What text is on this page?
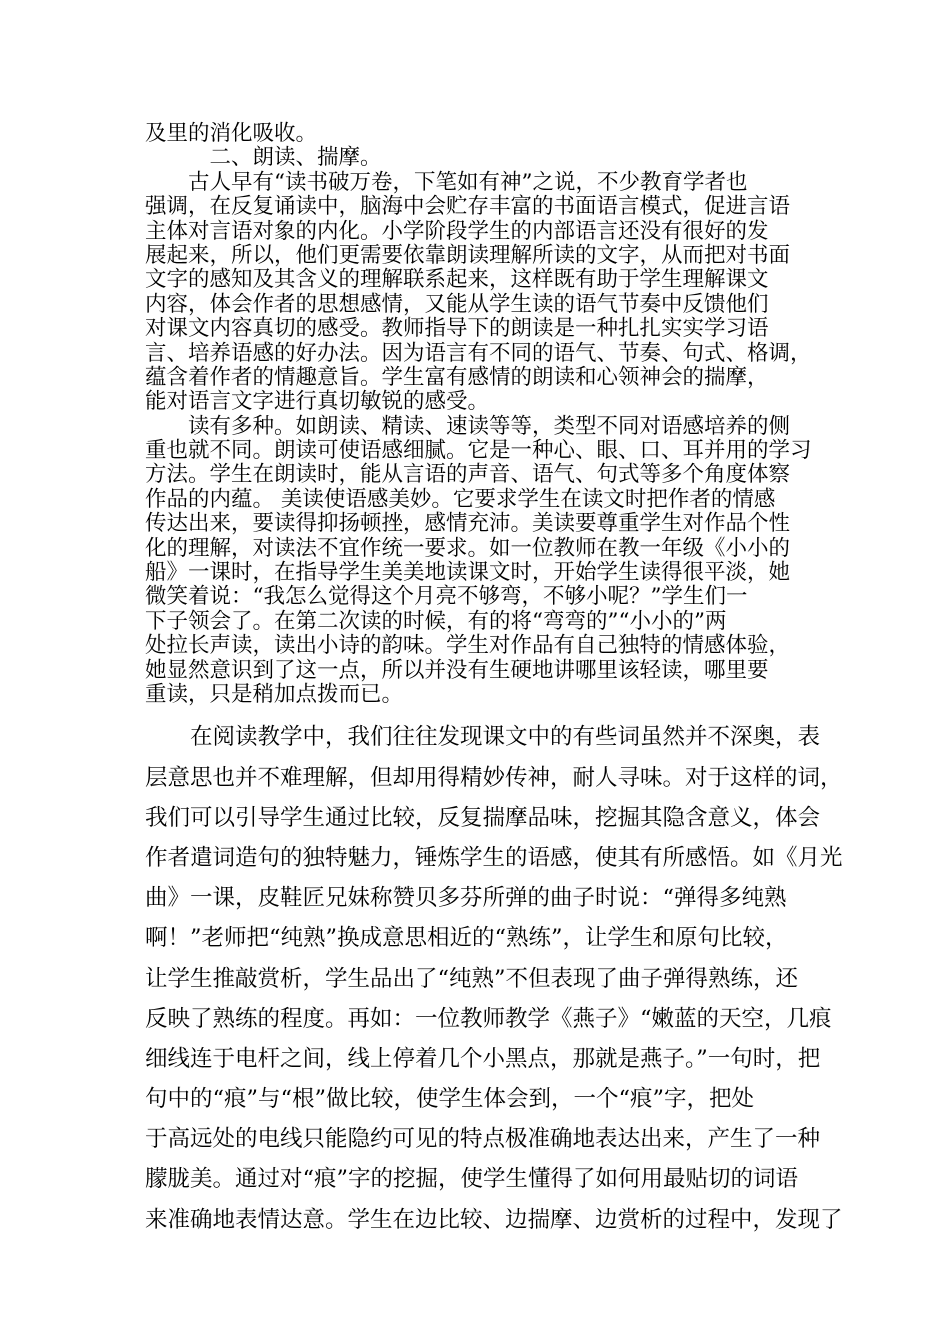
及里的消化吸收。
　　　二、朗读、揣摩。
　　古人早有“读书破万卷，下笔如有神”之说，不少教育学者也
强调，在反复诵读中，脑海中会贮存丰富的书面语言模式，促进言语
主体对言语对象的内化。小学阶段学生的内部语言还没有很好的发
展起来，所以，他们更需要依靠朗读理解所读的文字，从而把对书面
文字的感知及其含义的理解联系起来，这样既有助于学生理解课文
内容，体会作者的思想感情，又能从学生读的语气节奏中反馈他们
对课文内容真切的感受。教师指导下的朗读是一种扎扎实实学习语
言、培养语感的好办法。因为语言有不同的语气、节奏、句式、格调，
蕴含着作者的情趣意旨。学生富有感情的朗读和心领神会的揣摩，
能对语言文字进行真切敏锐的感受。
　　读有多种。如朗读、精读、速读等等，类型不同对语感培养的侧
重也就不同。朗读可使语感细腻。它是一种心、眼、口、耳并用的学习
方法。学生在朗读时，能从言语的声音、语气、句式等多个角度体察
作品的内蕴。 美读使语感美妙。它要求学生在读文时把作者的情感
传达出来，要读得抑扬顿挫，感情充沛。美读要尊重学生对作品个性
化的理解，对读法不宜作统一要求。如一位教师在教一年级《小小的
船》一课时，在指导学生美美地读课文时，开始学生读得很平淡，她
微笑着说：“我怎么觉得这个月亮不够弯，不够小呢？”学生们一
下子领会了。在第二次读的时候，有的将“弯弯的”“小小的”两
处拉长声读，读出小诗的韵味。学生对作品有自己独特的情感体验，
她显然意识到了这一点，所以并没有生硬地讲哪里该轻读，哪里要
重读，只是稍加点拨而已。
　　在阅读教学中，我们往往发现课文中的有些词虽然并不深奥，表
层意思也并不难理解，但却用得精妙传神，耐人寻味。对于这样的词，
我们可以引导学生通过比较，反复揣摩品味，挖掘其隐含意义，体会
作者遣词造句的独特魅力，锤炼学生的语感，使其有所感悟。如《月光
曲》一课，皮鞋匠兄妹称赞贝多芬所弹的曲子时说：“弹得多纯熟
啊！”老师把“纯熟”换成意思相近的“熟练”，让学生和原句比较，
让学生推敲赏析，学生品出了“纯熟”不但表现了曲子弹得熟练，还
反映了熟练的程度。再如：一位教师教学《燕子》“嫩蓝的天空，几痕
细线连于电杆之间，线上停着几个小黑点，那就是燕子。”一句时，把
句中的“痕”与“根”做比较，使学生体会到，一个“痕”字，把处
于高远处的电线只能隐约可见的特点极准确地表达出来，产生了一种
朦胧美。通过对“痕”字的挖掘，使学生懂得了如何用最贴切的词语
来准确地表情达意。学生在边比较、边揣摩、边赏析的过程中，发现了
